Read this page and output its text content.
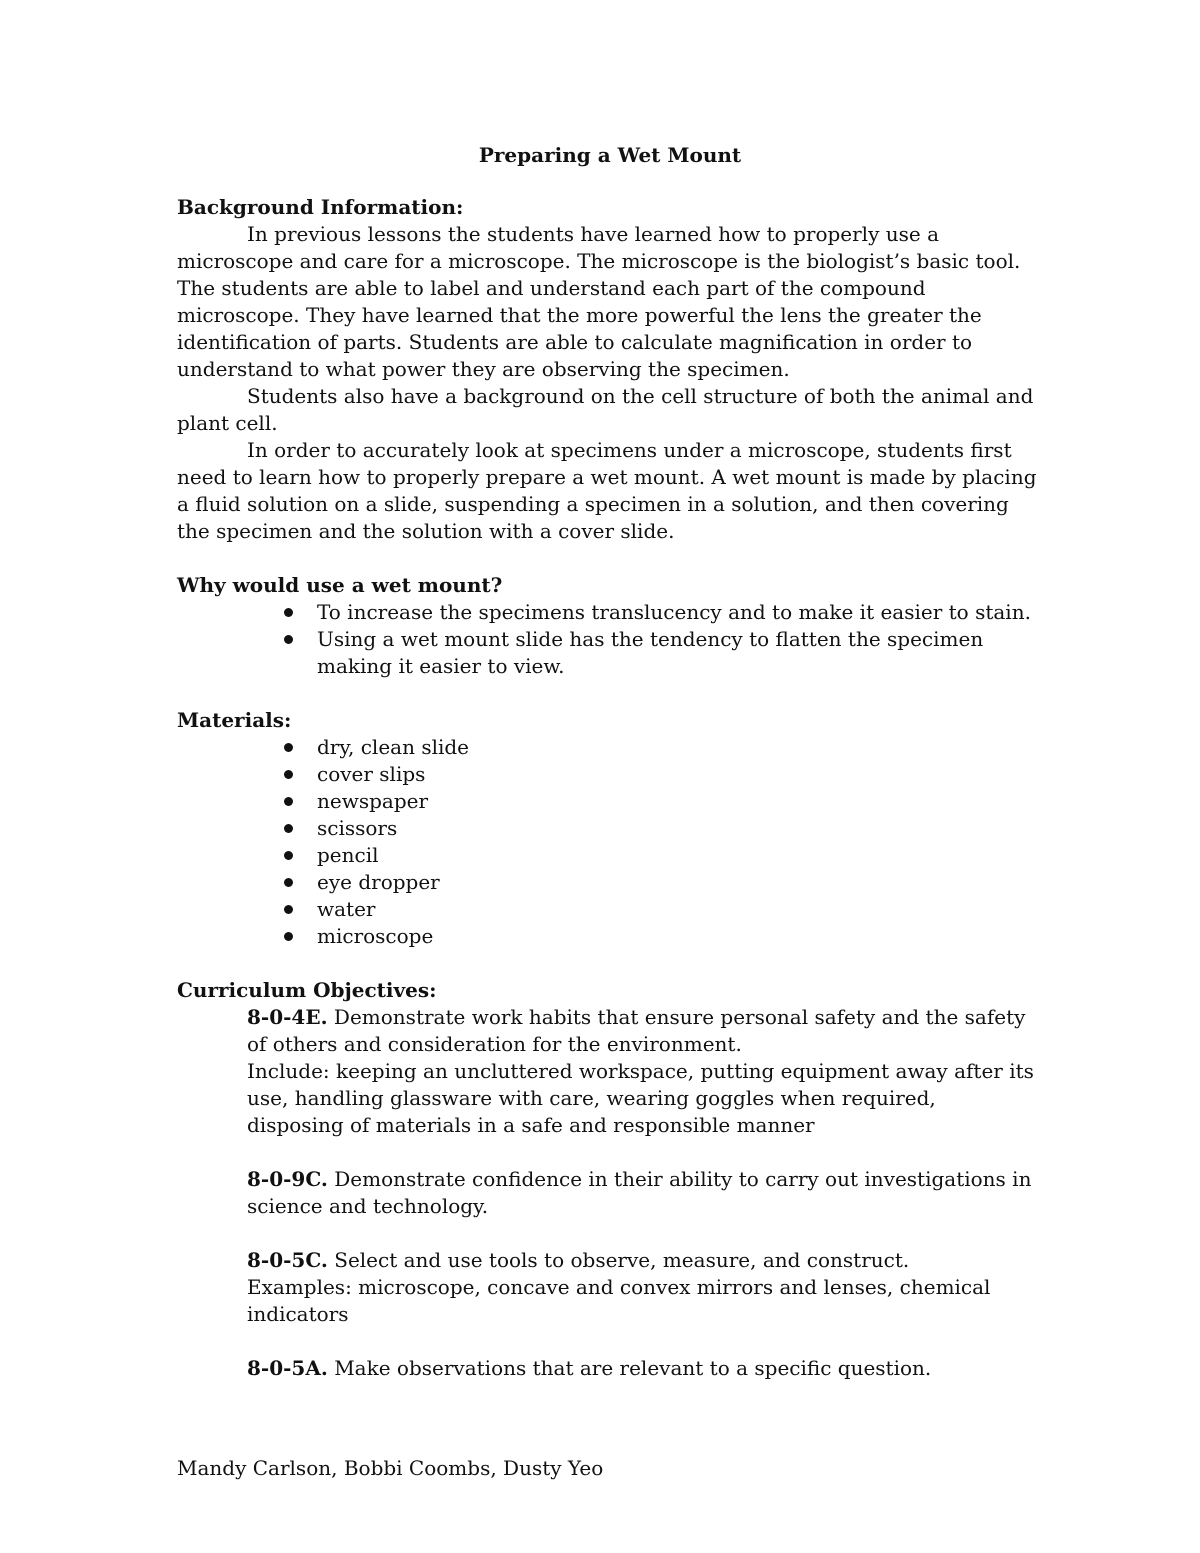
Preparing a Wet Mount

Background Information:

In previous lessons the students have learned how to properly use a microscope and care for a microscope. The microscope is the biologist’s basic tool. The students are able to label and understand each part of the compound microscope. They have learned that the more powerful the lens the greater the identification of parts. Students are able to calculate magnification in order to understand to what power they are observing the specimen.

Students also have a background on the cell structure of both the animal and plant cell.

In order to accurately look at specimens under a microscope, students first need to learn how to properly prepare a wet mount. A wet mount is made by placing a fluid solution on a slide, suspending a specimen in a solution, and then covering the specimen and the solution with a cover slide.

Why would use a wet mount?

To increase the specimens translucency and to make it easier to stain.
Using a wet mount slide has the tendency to flatten the specimen making it easier to view.

Materials:

dry, clean slide
cover slips
newspaper
scissors
pencil
eye dropper
water
microscope

Curriculum Objectives:

8-0-4E. Demonstrate work habits that ensure personal safety and the safety of others and consideration for the environment.
Include: keeping an uncluttered workspace, putting equipment away after its use, handling glassware with care, wearing goggles when required, disposing of materials in a safe and responsible manner
8-0-9C. Demonstrate confidence in their ability to carry out investigations in science and technology.
8-0-5C. Select and use tools to observe, measure, and construct.
Examples: microscope, concave and convex mirrors and lenses, chemical indicators
8-0-5A. Make observations that are relevant to a specific question.

Mandy Carlson, Bobbi Coombs, Dusty Yeo
